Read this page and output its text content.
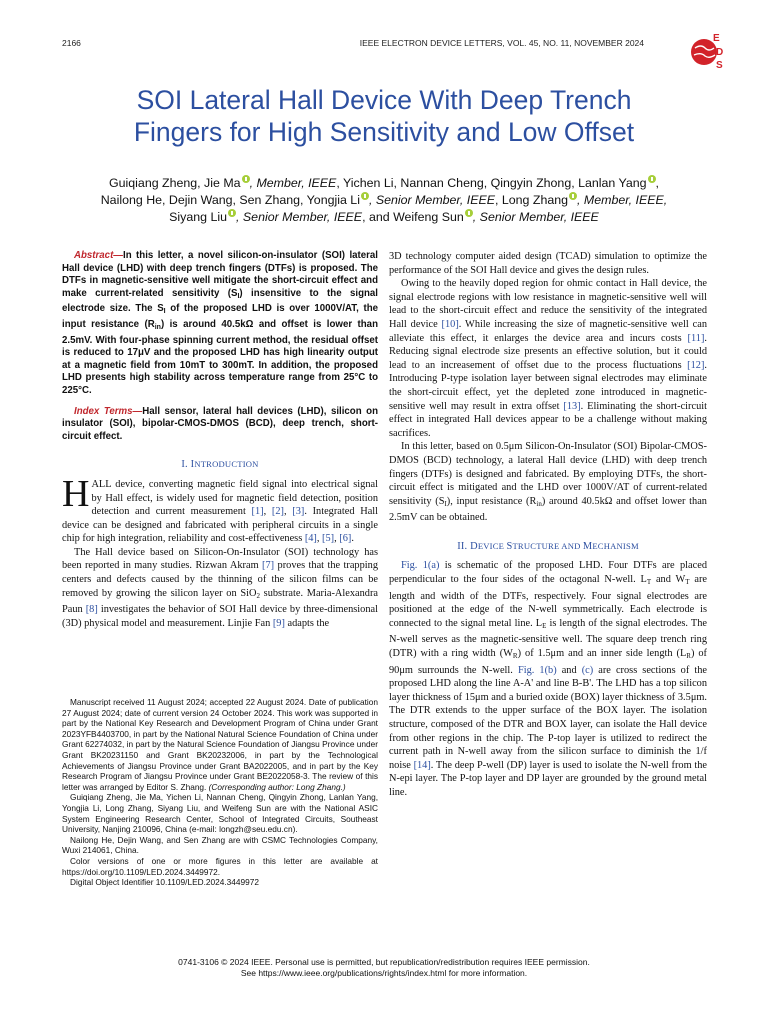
2166	IEEE ELECTRON DEVICE LETTERS, VOL. 45, NO. 11, NOVEMBER 2024	E
D
S
SOI Lateral Hall Device With Deep Trench
Fingers for High Sensitivity and Low Offset
Guiqiang Zheng, Jie Ma , Member, IEEE, Yichen Li, Nannan Cheng, Qingyin Zhong, Lanlan Yang ,
Nailong He, Dejin Wang, Sen Zhang, Yongjia Li , Senior Member, IEEE, Long Zhang , Member, IEEE,
Siyang Liu , Senior Member, IEEE, and Weifeng Sun , Senior Member, IEEE

Abstract—In this letter, a novel silicon-on-insulator (SOI) lateral Hall device (LHD) with deep trench fingers (DTFs) is proposed. The DTFs in magnetic-sensitive well mitigate the short-circuit effect and make current-related sensitivity $(S_I)$ insensitive to the signal electrode size. The $S_I$ of the proposed LHD is over 1000V/AT, the input resistance $(R_{in})$ is around 40.5kΩ and offset is lower than 2.5mV. With four-phase spinning current method, the residual offset is reduced to 17μV and the proposed LHD has high linearity output at a magnetic field from 10mT to 300mT. In addition, the proposed LHD presents high stability across temperature range from 25°C to 225°C.

Index Terms—Hall sensor, lateral hall devices (LHD), silicon on insulator (SOI), bipolar-CMOS-DMOS (BCD), deep trench, short-circuit effect.

I. INTRODUCTION

HALL device, converting magnetic field signal into electrical signal by Hall effect, is widely used for magnetic field detection, position detection and current measurement [1], [2], [3]. Integrated Hall device can be designed and fabricated with peripheral circuits in a single chip for high integration, reliability and cost-effectiveness [4], [5], [6].

The Hall device based on Silicon-On-Insulator (SOI) technology has been reported in many studies. Rizwan Akram [7] proves that the trapping centers and defects caused by the thinning of the silicon films can be removed by growing the silicon layer on SiO$_2$ substrate. Maria-Alexandra Paun [8] investigates the behavior of SOI Hall device by three-dimensional (3D) physical model and measurement. Linjie Fan [9] adapts the

Manuscript received 11 August 2024; accepted 22 August 2024. Date of publication 27 August 2024; date of current version 24 October 2024. This work was supported in part by the National Key Research and Development Program of China under Grant 2023YFB4403700, in part by the National Natural Science Foundation of China under Grant 62274032, in part by the Natural Science Foundation of Jiangsu Province under Grant BK20231150 and Grant BK20232006, in part by the Technological Achievements of Jiangsu Province under Grant BA2022005, and in part by the Key Research Program of Jiangsu Province under Grant BE2022058-3. The review of this letter was arranged by Editor S. Zhang. (Corresponding author: Long Zhang.)

Guiqiang Zheng, Jie Ma, Yichen Li, Nannan Cheng, Qingyin Zhong, Lanlan Yang, Yongjia Li, Long Zhang, Siyang Liu, and Weifeng Sun are with the National ASIC System Engineering Research Center, School of Integrated Circuits, Southeast University, Nanjing 210096, China (e-mail: longzh@seu.edu.cn).

Nailong He, Dejin Wang, and Sen Zhang are with CSMC Technologies Company, Wuxi 214061, China.

Color versions of one or more figures in this letter are available at https://doi.org/10.1109/LED.2024.3449972.

Digital Object Identifier 10.1109/LED.2024.3449972

3D technology computer aided design (TCAD) simulation to optimize the performance of the SOI Hall device and gives the design rules.

Owing to the heavily doped region for ohmic contact in Hall device, the signal electrode regions with low resistance in magnetic-sensitive well will lead to the short-circuit effect and reduce the sensitivity of the integrated Hall device [10]. While increasing the size of magnetic-sensitive well can alleviate this effect, it enlarges the device area and incurs costs [11]. Reducing signal electrode size presents an effective solution, but it could lead to an increasement of offset due to the process fluctuations [12]. Introducing P-type isolation layer between signal electrodes may eliminate the short-circuit effect, yet the depleted zone introduced in magnetic-sensitive well may result in extra offset [13]. Eliminating the short-circuit effect in integrated Hall devices appear to be a challenge without making sacrifices.

In this letter, based on 0.5μm Silicon-On-Insulator (SOI) Bipolar-CMOS-DMOS (BCD) technology, a lateral Hall device (LHD) with deep trench fingers (DTFs) is designed and fabricated. By employing DTFs, the short-circuit effect is mitigated and the LHD over 1000V/AT of current-related sensitivity $(S_I)$, input resistance $(R_{in})$ around 40.5kΩ and offset lower than 2.5mV can be obtained.

II. DEVICE STRUCTURE AND MECHANISM

Fig. 1(a) is schematic of the proposed LHD. Four DTFs are placed perpendicular to the four sides of the octagonal N-well. $L_T$ and $W_T$ are length and width of the DTFs, respectively. Four signal electrodes are positioned at the edge of the N-well symmetrically. Each electrode is connected to the signal metal line. $L_E$ is length of the signal electrodes. The N-well serves as the magnetic-sensitive well. The square deep trench ring (DTR) with a ring width $(W_R)$ of 1.5μm and an inner side length $(L_R)$ of 90μm surrounds the N-well. Fig. 1(b) and (c) are cross sections of the proposed LHD along the line A-A' and line B-B'. The LHD has a top silicon layer thickness of 15μm and a buried oxide (BOX) layer thickness of 3.5μm. The DTR extends to the upper surface of the BOX layer. The isolation structure, composed of the DTR and BOX layer, can isolate the Hall device from other regions in the chip. The P-top layer is utilized to redirect the current path in N-well away from the silicon surface to diminish the 1/f noise [14]. The deep P-well (DP) layer is used to isolate the N-well from the N-epi layer. The P-top layer and DP layer are grounded by the ground metal line.

0741-3106 © 2024 IEEE. Personal use is permitted, but republication/redistribution requires IEEE permission.
See https://www.ieee.org/publications/rights/index.html for more information.
